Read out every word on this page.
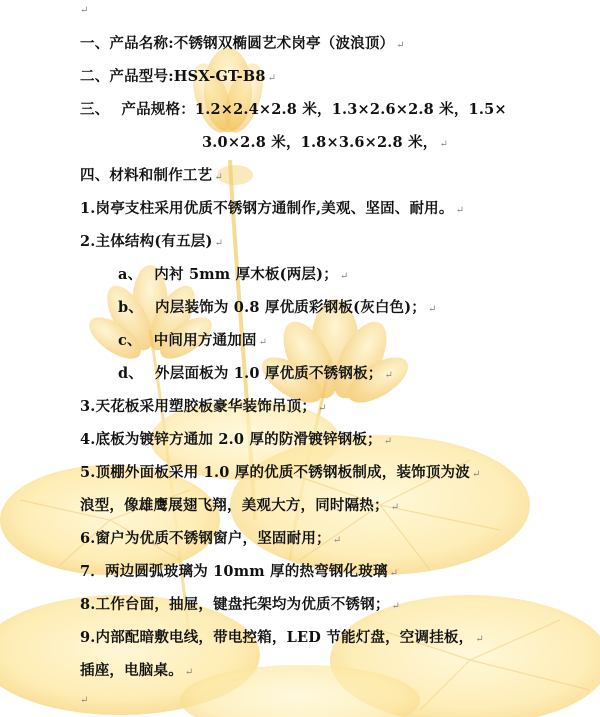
↵
一、产品名称:不锈钢双椭圆艺术岗亭（波浪顶） ↵
二、产品型号:HSX-GT-B8 ↵
三、 产品规格：1.2×2.4×2.8 米，1.3×2.6×2.8 米，1.5×
3.0×2.8 米，1.8×3.6×2.8 米， ↵
四、材料和制作工艺 ↵
1.岗亭支柱采用优质不锈钢方通制作,美观、坚固、耐用。 ↵
2.主体结构(有五层) ↵
a、 内衬 5mm 厚木板(两层)； ↵
b、 内层装饰为 0.8 厚优质彩钢板(灰白色)； ↵
c、 中间用方通加固 ↵
d、 外层面板为 1.0 厚优质不锈钢板； ↵
3.天花板采用塑胶板豪华装饰吊顶； ↵
4.底板为镀锌方通加 2.0 厚的防滑镀锌钢板； ↵
5.顶棚外面板采用 1.0 厚的优质不锈钢板制成，装饰顶为波 ↵
浪型，像雄鹰展翅飞翔，美观大方，同时隔热； ↵
6.窗户为优质不锈钢窗户，坚固耐用； ↵
7．两边圆弧玻璃为 10mm 厚的热弯钢化玻璃 ↵
8.工作台面，抽屉，键盘托架均为优质不锈钢； ↵
9.内部配暗敷电线，带电控箱，LED 节能灯盘，空调挂板， ↵
插座，电脑桌。 ↵
↵
